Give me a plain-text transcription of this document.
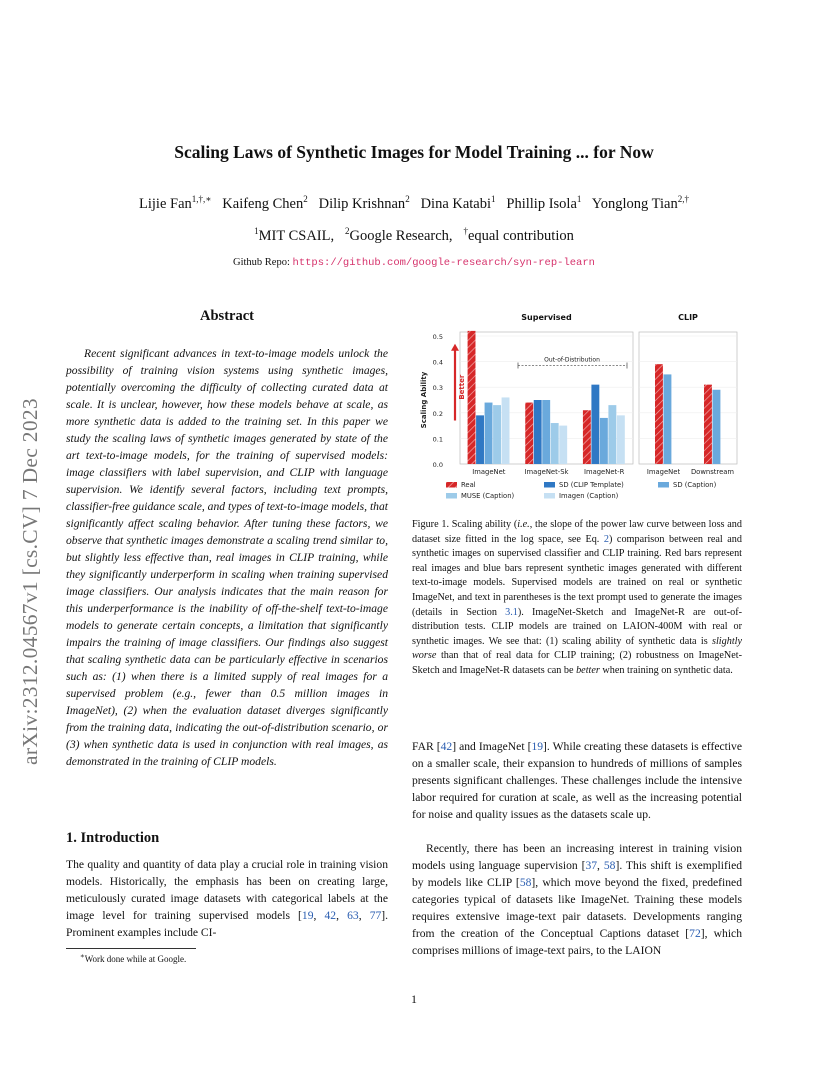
Scaling Laws of Synthetic Images for Model Training ... for Now
Lijie Fan$^{1,\dagger,∗}$ Kaifeng Chen$^2$ Dilip Krishnan$^2$ Dina Katabi$^1$ Phillip Isola$^1$ Yonglong Tian$^{2,\dagger}$
$^1$MIT CSAIL, $^2$Google Research, †equal contribution
Github Repo: https://github.com/google-research/syn-rep-learn
arXiv:2312.04567v1 [cs.CV] 7 Dec 2023
Abstract

Recent significant advances in text-to-image models unlock the possibility of training vision systems using synthetic images, potentially overcoming the difficulty of collecting curated data at scale. It is unclear, however, how these models behave at scale, as more synthetic data is added to the training set. In this paper we study the scaling laws of synthetic images generated by state of the art text-to-image models, for the training of supervised models: image classifiers with label supervision, and CLIP with language supervision. We identify several factors, including text prompts, classifier-free guidance scale, and types of text-to-image models, that significantly affect scaling behavior. After tuning these factors, we observe that synthetic images demonstrate a scaling trend similar to, but slightly less effective than, real images in CLIP training, while they significantly underperform in scaling when training supervised image classifiers. Our analysis indicates that the main reason for this underperformance is the inability of off-the-shelf text-to-image models to generate certain concepts, a limitation that significantly impairs the training of image classifiers. Our findings also suggest that scaling synthetic data can be particularly effective in scenarios such as: (1) when there is a limited supply of real images for a supervised problem (e.g., fewer than 0.5 million images in ImageNet), (2) when the evaluation dataset diverges significantly from the training data, indicating the out-of-distribution scenario, or (3) when synthetic data is used in conjunction with real images, as demonstrated in the training of CLIP models.

1. Introduction

The quality and quantity of data play a crucial role in training vision models. Historically, the emphasis has been on creating large, meticulously curated image datasets with categorical labels at the image level for training supervised models [19, 42, 63, 77]. Prominent examples include CI-

∗Work done while at Google.
0.0
0.1
0.2
0.3
0.4
0.5
Scaling Ability
Supervised
ImageNet	ImageNet-Sk ImageNet-R
CLIP
ImageNet Downstream
Better
Out-of-Distribution
Real	SD (CLIP Template)	SD (Caption)
MUSE (Caption)	Imagen (Caption)

Figure 1. Scaling ability (i.e., the slope of the power law curve between loss and dataset size fitted in the log space, see Eq. 2) comparison between real and synthetic images on supervised classifier and CLIP training. Red bars represent real images and blue bars represent synthetic images generated with different text-to-image models. Supervised models are trained on real or synthetic ImageNet, and text in parentheses is the text prompt used to generate the images (details in Section 3.1). ImageNet-Sketch and ImageNet-R are out-of-distribution tests. CLIP models are trained on LAION-400M with real or synthetic images. We see that: (1) scaling ability of synthetic data is slightly worse than that of real data for CLIP training; (2) robustness on ImageNet-Sketch and ImageNet-R datasets can be better when training on synthetic data.

FAR [42] and ImageNet [19]. While creating these datasets is effective on a smaller scale, their expansion to hundreds of millions of samples presents significant challenges. These challenges include the intensive labor required for curation at scale, as well as the increasing potential for noise and quality issues as the datasets scale up.

Recently, there has been an increasing interest in training vision models using language supervision [37, 58]. This shift is exemplified by models like CLIP [58], which move beyond the fixed, predefined categories typical of datasets like ImageNet. Training these models requires extensive image-text pair datasets. Developments ranging from the creation of the Conceptual Captions dataset [72], which comprises millions of image-text pairs, to the LAION

1
